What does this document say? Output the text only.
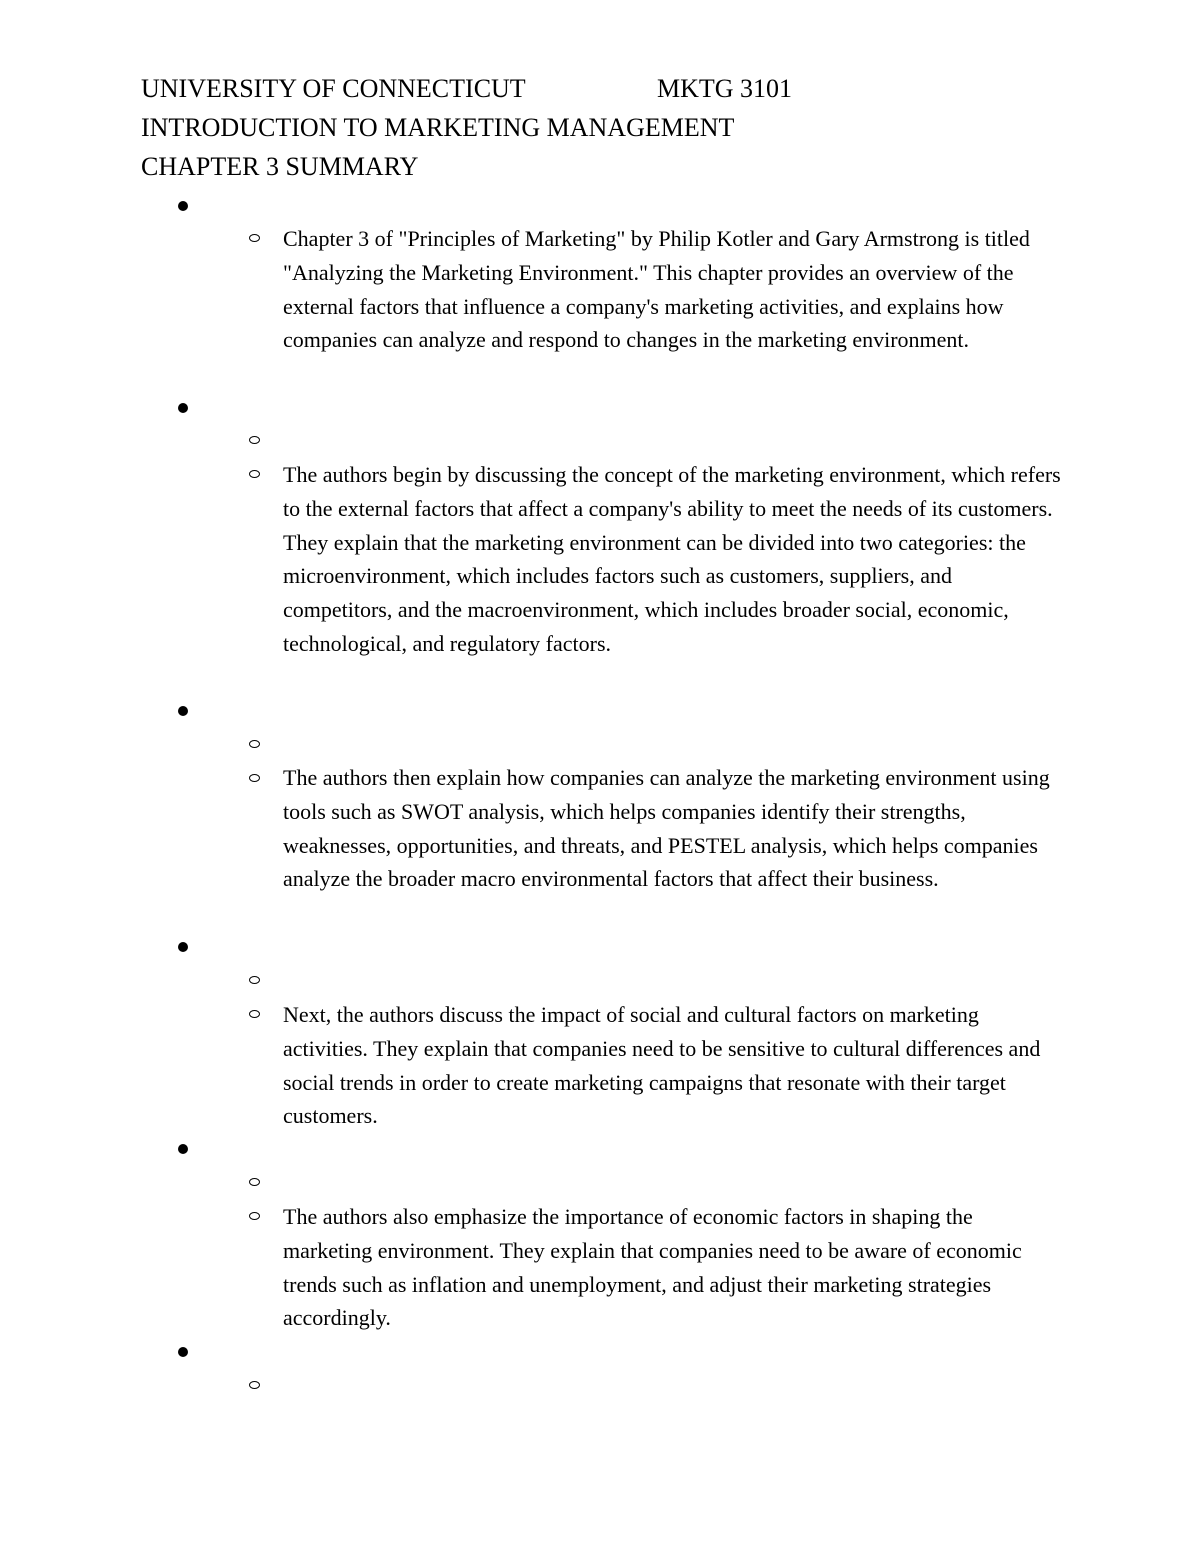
UNIVERSITY OF CONNECTICUT	MKTG 3101
INTRODUCTION TO MARKETING MANAGEMENT
CHAPTER 3 SUMMARY
Chapter 3 of "Principles of Marketing" by Philip Kotler and Gary Armstrong is titled "Analyzing the Marketing Environment." This chapter provides an overview of the external factors that influence a company's marketing activities, and explains how companies can analyze and respond to changes in the marketing environment.
The authors begin by discussing the concept of the marketing environment, which refers to the external factors that affect a company's ability to meet the needs of its customers. They explain that the marketing environment can be divided into two categories: the microenvironment, which includes factors such as customers, suppliers, and competitors, and the macroenvironment, which includes broader social, economic, technological, and regulatory factors.
The authors then explain how companies can analyze the marketing environment using tools such as SWOT analysis, which helps companies identify their strengths, weaknesses, opportunities, and threats, and PESTEL analysis, which helps companies analyze the broader macro environmental factors that affect their business.
Next, the authors discuss the impact of social and cultural factors on marketing activities. They explain that companies need to be sensitive to cultural differences and social trends in order to create marketing campaigns that resonate with their target customers.
The authors also emphasize the importance of economic factors in shaping the marketing environment. They explain that companies need to be aware of economic trends such as inflation and unemployment, and adjust their marketing strategies accordingly.
